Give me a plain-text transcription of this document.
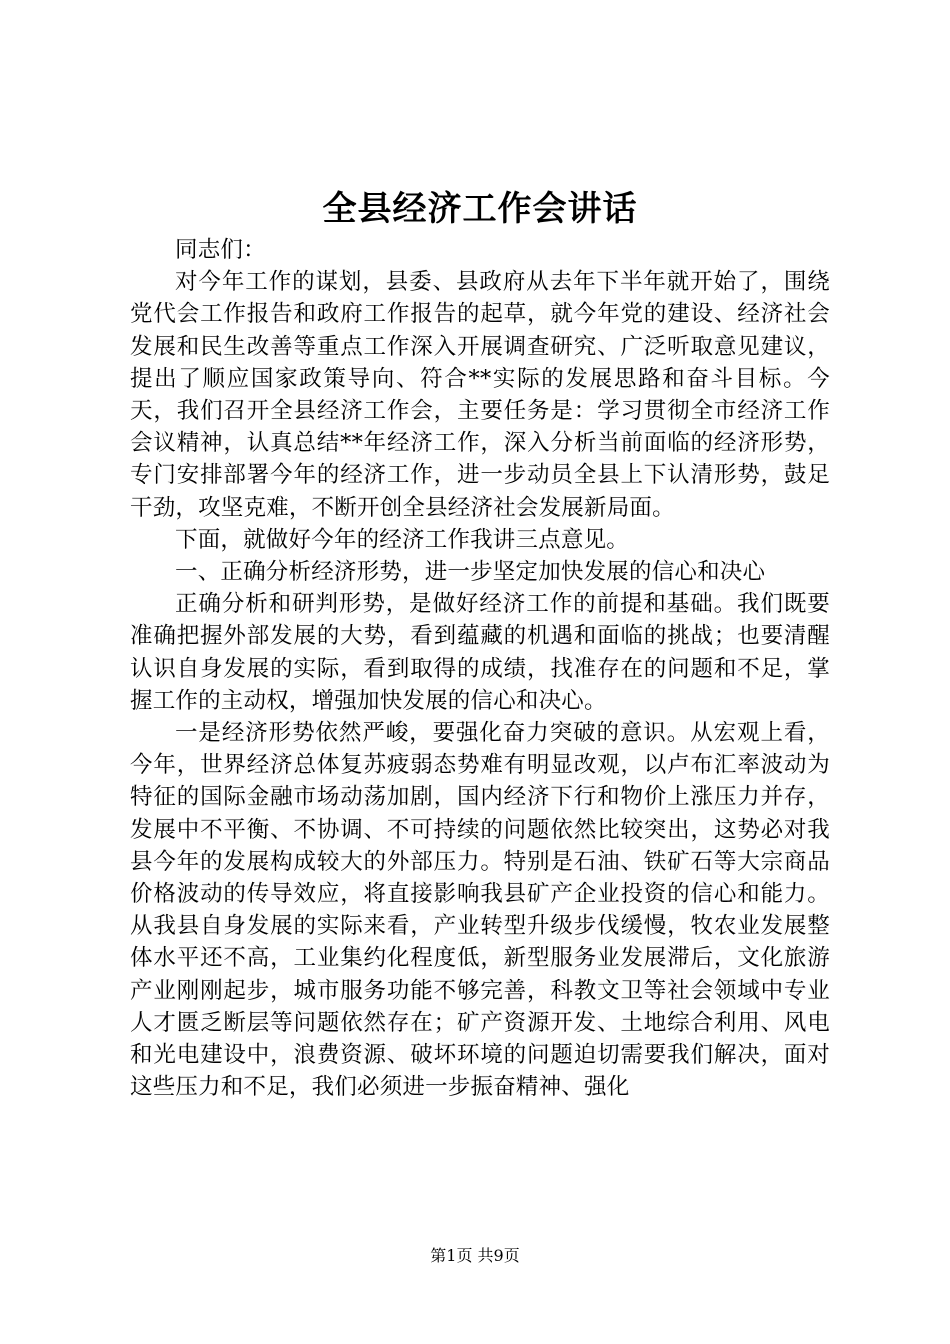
全县经济工作会讲话

同志们：

对今年工作的谋划，县委、县政府从去年下半年就开始了，围绕党代会工作报告和政府工作报告的起草，就今年党的建设、经济社会发展和民生改善等重点工作深入开展调查研究、广泛听取意见建议，提出了顺应国家政策导向、符合**实际的发展思路和奋斗目标。今天，我们召开全县经济工作会，主要任务是：学习贯彻全市经济工作会议精神，认真总结**年经济工作，深入分析当前面临的经济形势，专门安排部署今年的经济工作，进一步动员全县上下认清形势，鼓足干劲，攻坚克难，不断开创全县经济社会发展新局面。

下面，就做好今年的经济工作我讲三点意见。

一、正确分析经济形势，进一步坚定加快发展的信心和决心

正确分析和研判形势，是做好经济工作的前提和基础。我们既要准确把握外部发展的大势，看到蕴藏的机遇和面临的挑战；也要清醒认识自身发展的实际，看到取得的成绩，找准存在的问题和不足，掌握工作的主动权，增强加快发展的信心和决心。

一是经济形势依然严峻，要强化奋力突破的意识。从宏观上看，今年，世界经济总体复苏疲弱态势难有明显改观，以卢布汇率波动为特征的国际金融市场动荡加剧，国内经济下行和物价上涨压力并存，发展中不平衡、不协调、不可持续的问题依然比较突出，这势必对我县今年的发展构成较大的外部压力。特别是石油、铁矿石等大宗商品价格波动的传导效应，将直接影响我县矿产企业投资的信心和能力。从我县自身发展的实际来看，产业转型升级步伐缓慢，牧农业发展整体水平还不高，工业集约化程度低，新型服务业发展滞后，文化旅游产业刚刚起步，城市服务功能不够完善，科教文卫等社会领域中专业人才匮乏断层等问题依然存在；矿产资源开发、土地综合利用、风电和光电建设中，浪费资源、破坏环境的问题迫切需要我们解决，面对这些压力和不足，我们必须进一步振奋精神、强化

第1页 共9页
